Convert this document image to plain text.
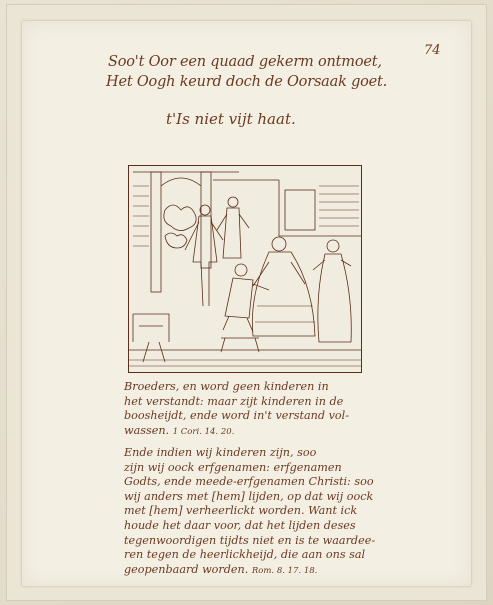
74

Soo't Oor een quaad gekerm ontmoet,
Het Oogh keurd doch de Oorsaak goet.

t'Is niet vijt haat.

Broeders, en word geen kinderen in
het verstandt: maar zijt kinderen in de
boosheijdt, ende word in't verstand vol-
wassen. 1 Cori. 14. 20.

Ende indien wij kinderen zijn, soo
zijn wij oock erfgenamen: erfgenamen
Godts, ende meede-erfgenamen Christi: soo
wij anders met [hem] lijden, op dat wij oock
met [hem] verheerlickt worden. Want ick
houde het daar voor, dat het lijden deses
tegenwoordigen tijdts niet en is te waardee-
ren tegen de heerlickheijd, die aan ons sal
geopenbaard worden. Rom. 8. 17. 18.
